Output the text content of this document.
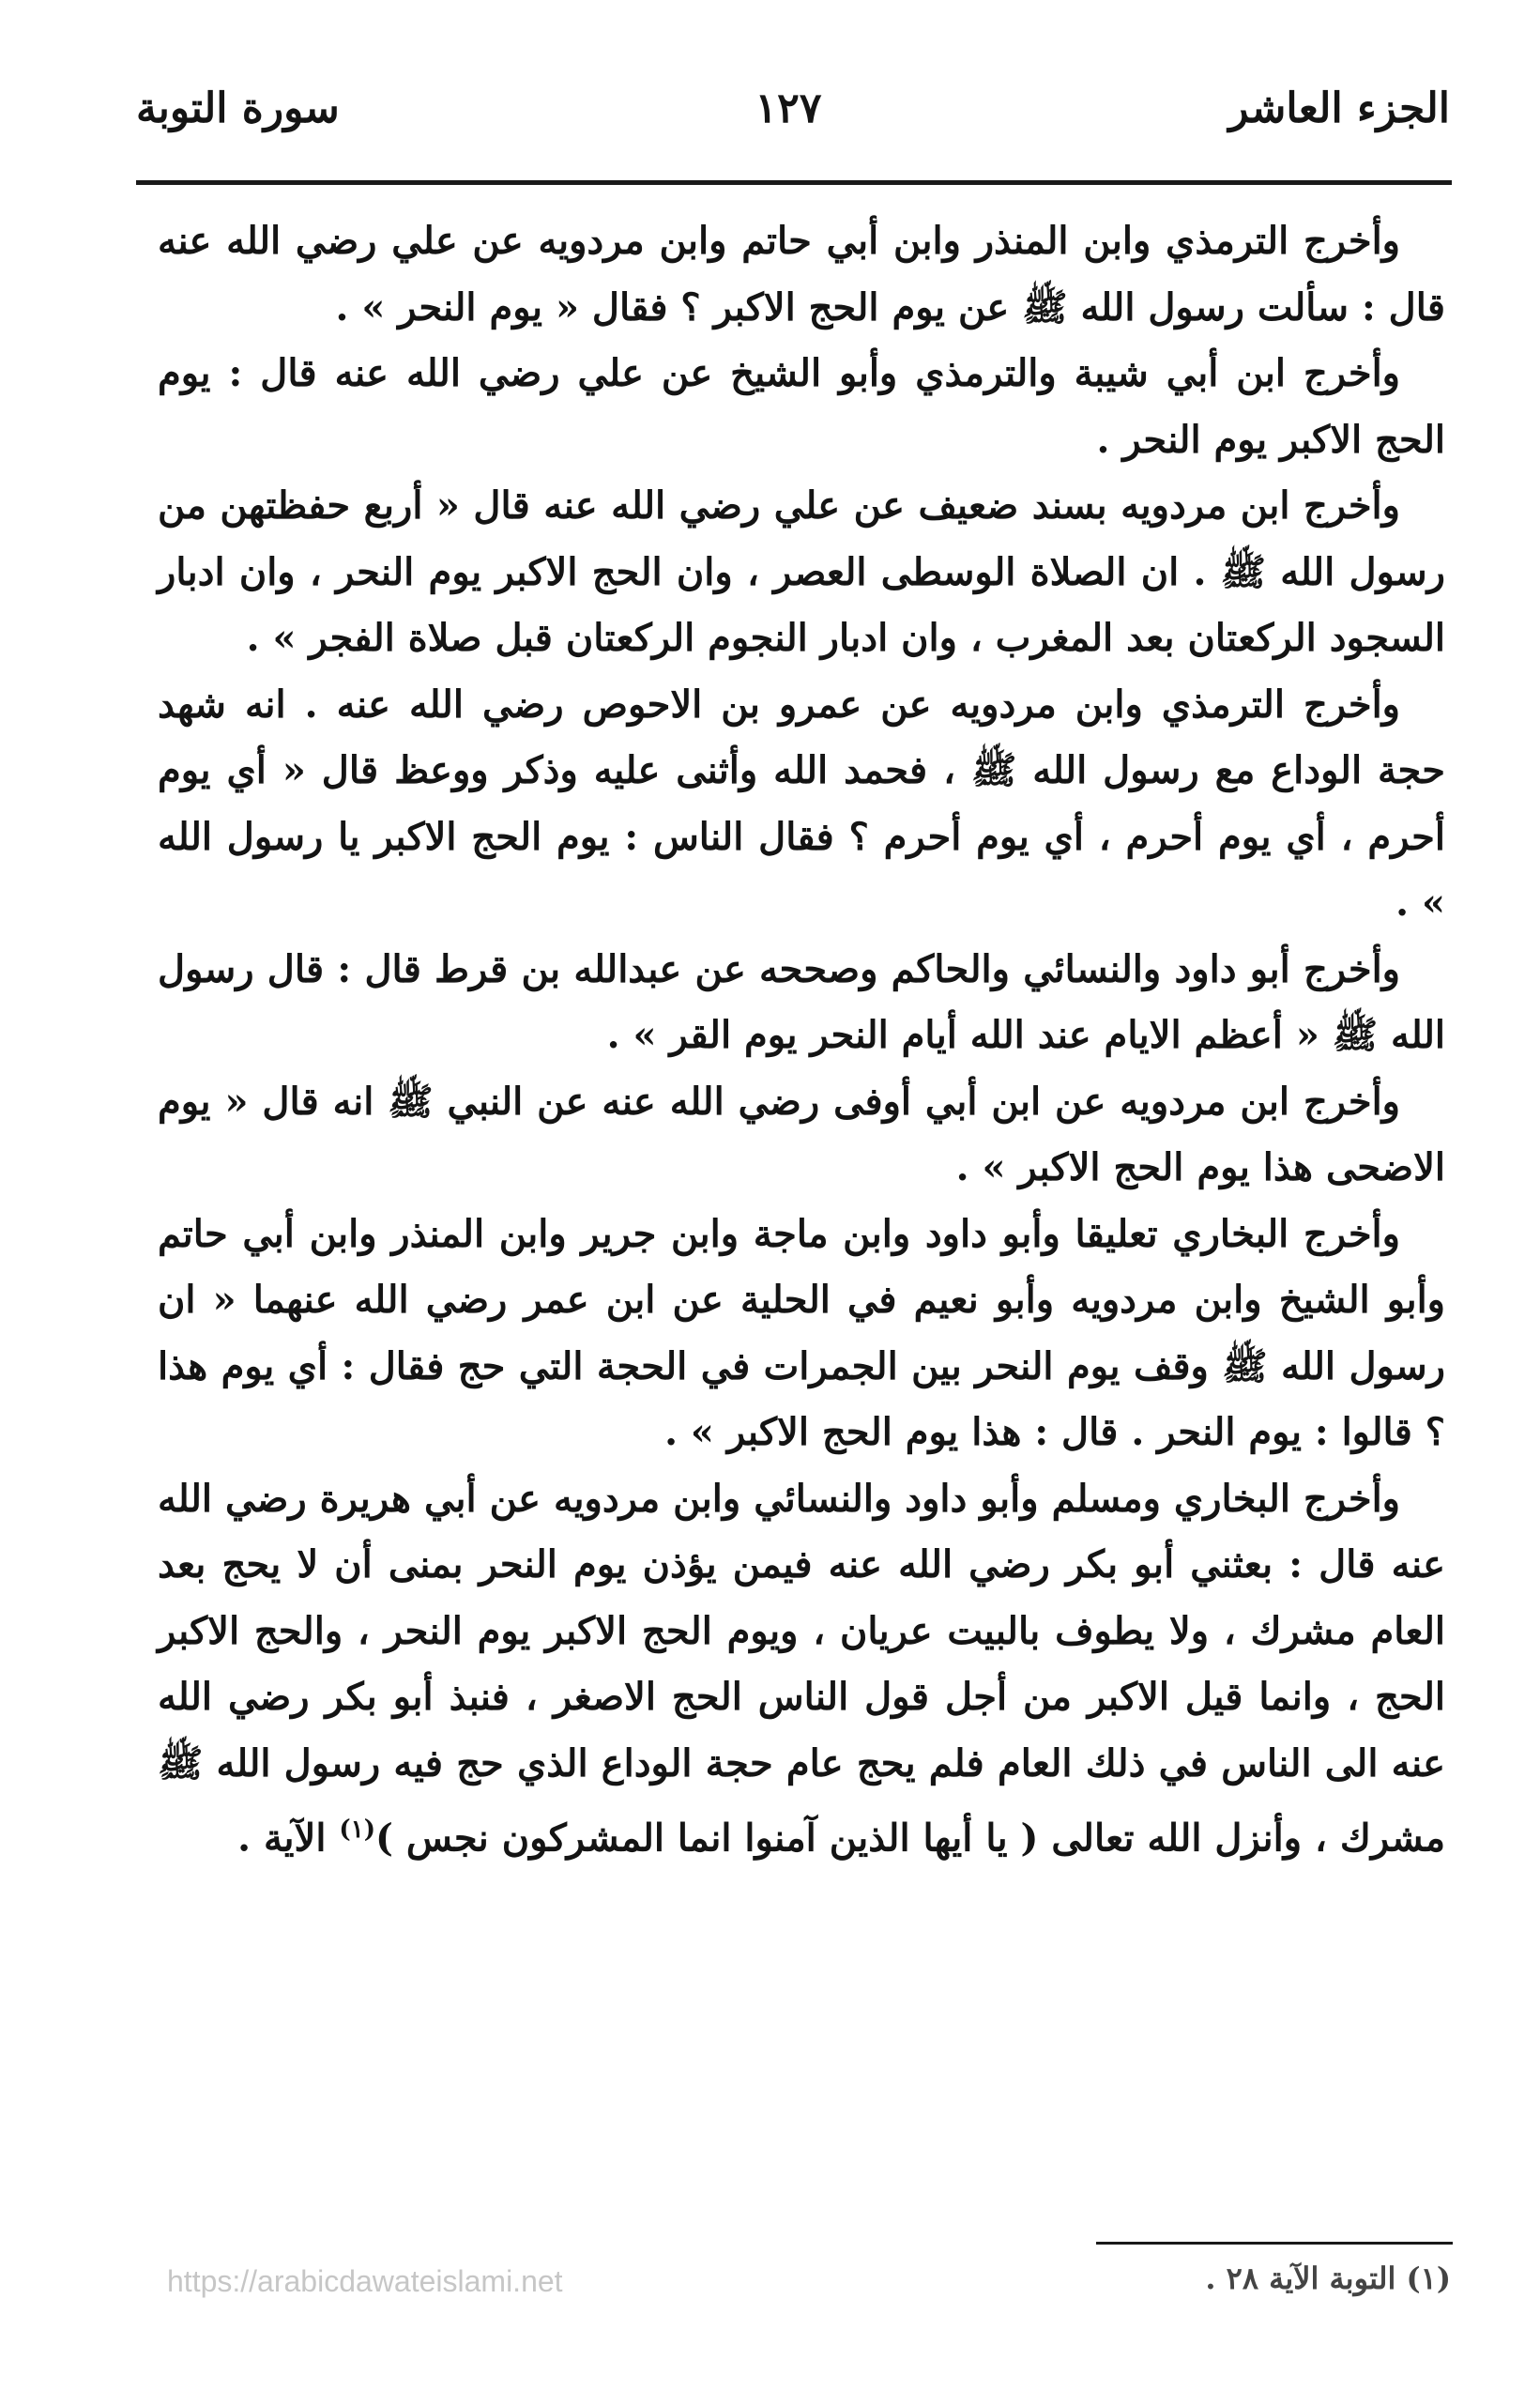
الجزء العاشر
١٢٧
سورة التوبة

وأخرج الترمذي وابن المنذر وابن أبي حاتم وابن مردويه عن علي رضي الله عنه قال : سألت رسول الله ﷺ عن يوم الحج الاكبر ؟ فقال « يوم النحر » .

وأخرج ابن أبي شيبة والترمذي وأبو الشيخ عن علي رضي الله عنه قال : يوم الحج الاكبر يوم النحر .

وأخرج ابن مردويه بسند ضعيف عن علي رضي الله عنه قال « أربع حفظتهن من رسول الله ﷺ . ان الصلاة الوسطى العصر ، وان الحج الاكبر يوم النحر ، وان ادبار السجود الركعتان بعد المغرب ، وان ادبار النجوم الركعتان قبل صلاة الفجر » .

وأخرج الترمذي وابن مردويه عن عمرو بن الاحوص رضي الله عنه . انه شهد حجة الوداع مع رسول الله ﷺ ، فحمد الله وأثنى عليه وذكر ووعظ قال « أي يوم أحرم ، أي يوم أحرم ، أي يوم أحرم ؟ فقال الناس : يوم الحج الاكبر يا رسول الله » .

وأخرج أبو داود والنسائي والحاكم وصححه عن عبدالله بن قرط قال : قال رسول الله ﷺ « أعظم الايام عند الله أيام النحر يوم القر » .

وأخرج ابن مردويه عن ابن أبي أوفى رضي الله عنه عن النبي ﷺ انه قال « يوم الاضحى هذا يوم الحج الاكبر » .

وأخرج البخاري تعليقا وأبو داود وابن ماجة وابن جرير وابن المنذر وابن أبي حاتم وأبو الشيخ وابن مردويه وأبو نعيم في الحلية عن ابن عمر رضي الله عنهما « ان رسول الله ﷺ وقف يوم النحر بين الجمرات في الحجة التي حج فقال : أي يوم هذا ؟ قالوا : يوم النحر . قال : هذا يوم الحج الاكبر » .

وأخرج البخاري ومسلم وأبو داود والنسائي وابن مردويه عن أبي هريرة رضي الله عنه قال : بعثني أبو بكر رضي الله عنه فيمن يؤذن يوم النحر بمنى أن لا يحج بعد العام مشرك ، ولا يطوف بالبيت عريان ، ويوم الحج الاكبر يوم النحر ، والحج الاكبر الحج ، وانما قيل الاكبر من أجل قول الناس الحج الاصغر ، فنبذ أبو بكر رضي الله عنه الى الناس في ذلك العام فلم يحج عام حجة الوداع الذي حج فيه رسول الله ﷺ مشرك ، وأنزل الله تعالى ( يا أيها الذين آمنوا انما المشركون نجس )$^{(١)}$ الآية .

(١) التوبة الآية ٢٨ .
https://arabicdawateislami.net
